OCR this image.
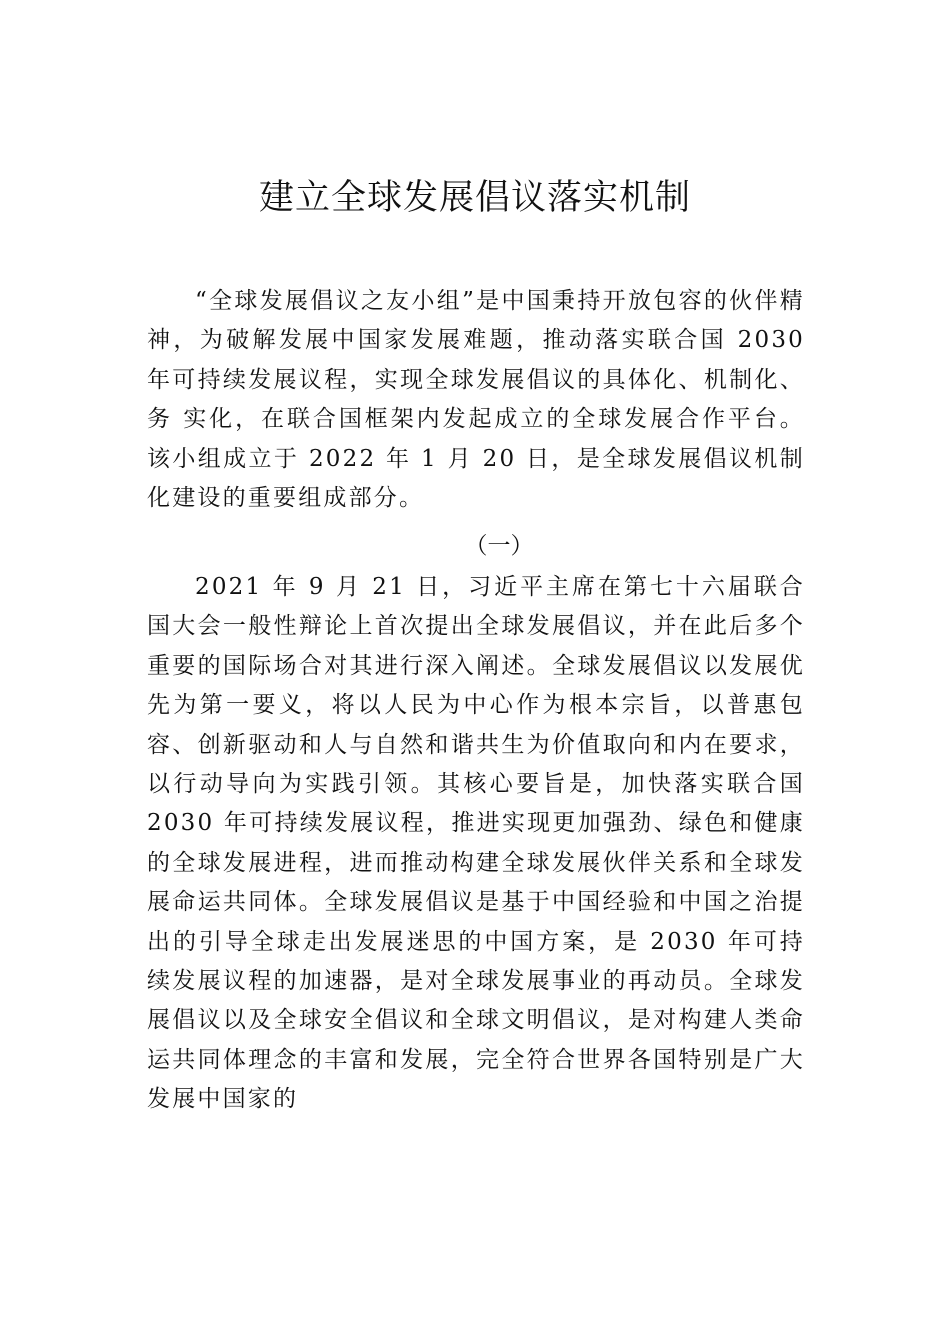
建立全球发展倡议落实机制

“全球发展倡议之友小组”是中国秉持开放包容的伙伴精神，为破解发展中国家发展难题，推动落实联合国 2030 年可持续发展议程，实现全球发展倡议的具体化、机制化、务 实化，在联合国框架内发起成立的全球发展合作平台。该小组成立于 2022 年 1 月 20 日，是全球发展倡议机制化建设的重要组成部分。

（一）

2021 年 9 月 21 日，习近平主席在第七十六届联合国大会一般性辩论上首次提出全球发展倡议，并在此后多个重要的国际场合对其进行深入阐述。全球发展倡议以发展优先为第一要义，将以人民为中心作为根本宗旨，以普惠包容、创新驱动和人与自然和谐共生为价值取向和内在要求，以行动导向为实践引领。其核心要旨是，加快落实联合国 2030 年可持续发展议程，推进实现更加强劲、绿色和健康的全球发展进程，进而推动构建全球发展伙伴关系和全球发展命运共同体。全球发展倡议是基于中国经验和中国之治提出的引导全球走出发展迷思的中国方案，是 2030 年可持续发展议程的加速器，是对全球发展事业的再动员。全球发展倡议以及全球安全倡议和全球文明倡议，是对构建人类命运共同体理念的丰富和发展，完全符合世界各国特别是广大发展中国家的
